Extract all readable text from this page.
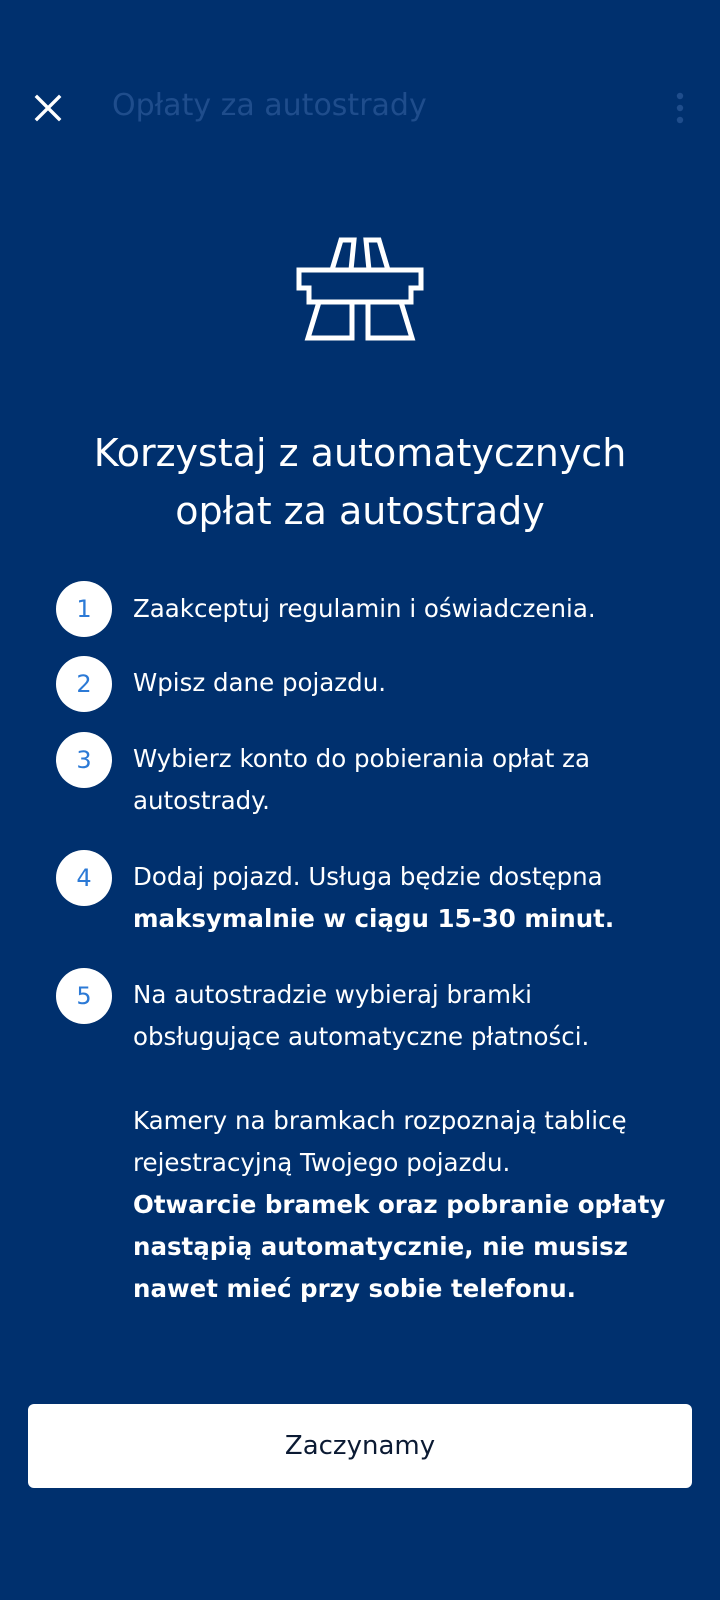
Opłaty za autostrady
Korzystaj z automatycznych opłat za autostrady
1	Zaakceptuj regulamin i oświadczenia.
2	Wpisz dane pojazdu.
3	Wybierz konto do pobierania opłat za autostrady.
4	Dodaj pojazd. Usługa będzie dostępna

maksymalnie w ciągu 15-30 minut.

5	Na autostradzie wybieraj bramki obsługujące automatyczne płatności.

Kamery na bramkach rozpoznają tablicę rejestracyjną Twojego pojazdu.

Otwarcie bramek oraz pobranie opłaty nastąpią automatycznie, nie musisz nawet mieć przy sobie telefonu.

Zaczynamy
